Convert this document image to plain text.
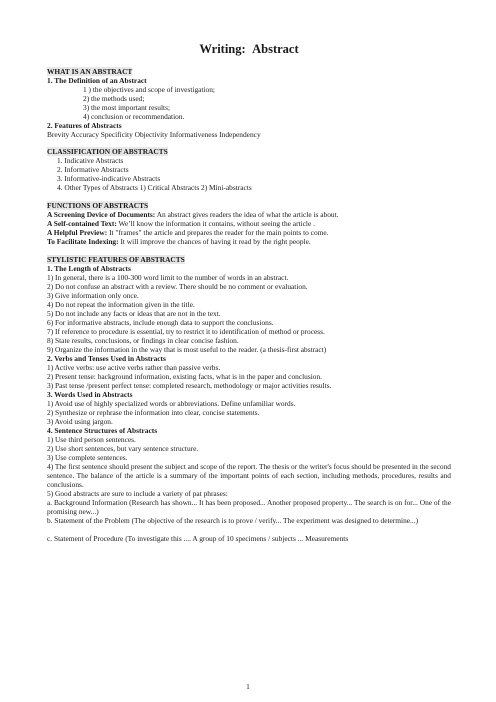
Writing: Abstract
WHAT IS AN ABSTRACT
1. The Definition of an Abstract
1 ) the objectives and scope of investigation;
2) the methods used;
3) the most important results;
4) conclusion or recommendation.
2. Features of Abstracts
Brevity Accuracy Specificity Objectivity Informativeness Independency
CLASSIFICATION OF ABSTRACTS
1. Indicative Abstracts
2. Informative Abstracts
3. Informative-indicative Abstracts
4. Other Types of Abstracts 1) Critical Abstracts 2) Mini-abstracts
FUNCTIONS OF ABSTRACTS
A Screening Device of Documents: An abstract gives readers the idea of what the article is about.
A Self-contained Text: We’ll know the information it contains, without seeing the article .
A Helpful Preview: It "frames" the article and prepares the reader for the main points to come.
To Facilitate Indexing: It will improve the chances of having it read by the right people.
STYLISTIC FEATURES OF ABSTRACTS
1. The Length of Abstracts
1) In general, there is a 100-300 word limit to the number of words in an abstract.
2) Do not confuse an abstract with a review. There should be no comment or evaluation.
3) Give information only once.
4) Do not repeat the information given in the title.
5) Do not include any facts or ideas that are not in the text.
6) For informative abstracts, include enough data to support the conclusions.
7) If reference to procedure is essential, try to restrict it to identification of method or process.
8) State results, conclusions, or findings in clear concise fashion.
9) Organize the information in the way that is most useful to the reader. (a thesis-first abstract)
2. Verbs and Tenses Used in Abstracts
1) Active verbs: use active verbs rather than passive verbs.
2) Present tense: background information, existing facts, what is in the paper and conclusion.
3) Past tense /present perfect tense: completed research, methodology or major activities results.
3. Words Used in Abstracts
1) Avoid use of highly specialized words or abbreviations. Define unfamiliar words.
2) Synthesize or rephrase the information into clear, concise statements.
3) Avoid using jargon.
4. Sentence Structures of Abstracts
1) Use third person sentences.
2) Use short sentences, but vary sentence structure.
3) Use complete sentences.
4) The first sentence should present the subject and scope of the report. The thesis or the writer's focus should be presented in the second sentence. The balance of the article is a summary of the important points of each section, including methods, procedures, results and conclusions.
5) Good abstracts are sure to include a variety of pat phrases:
a. Background Information (Research has shown... It has been proposed... Another proposed property... The search is on for... One of the promising new...)
b. Statement of the Problem (The objective of the research is to prove / verify... The experiment was designed to determine...)
c. Statement of Procedure (To investigate this .... A group of 10 specimens / subjects ... Measurements
1
